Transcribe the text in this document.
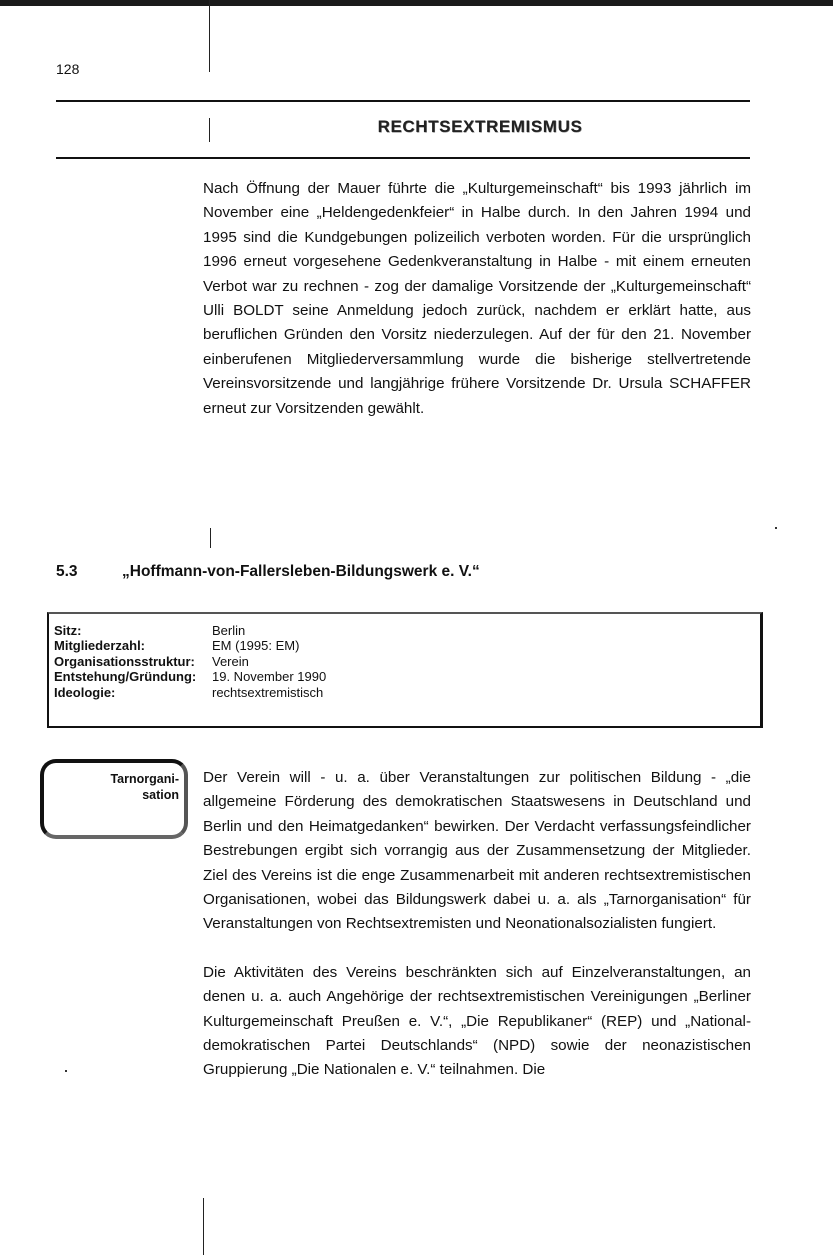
128
RECHTSEXTREMISMUS

Nach Öffnung der Mauer führte die „Kulturgemeinschaft“ bis 1993 jährlich im November eine „Heldengedenkfeier“ in Halbe durch. In den Jahren 1994 und 1995 sind die Kundgebungen polizeilich verboten worden. Für die ursprünglich 1996 erneut vorgesehene Gedenkveranstaltung in Halbe - mit einem erneuten Verbot war zu rechnen - zog der damalige Vorsitzende der „Kulturgemeinschaft“ Ulli BOLDT seine Anmeldung jedoch zurück, nachdem er erklärt hatte, aus beruflichen Gründen den Vorsitz niederzulegen. Auf der für den 21. November einberufenen Mitgliederversammlung wurde die bisherige stellvertretende Vereinsvorsitzende und langjährige frühere Vorsitzende Dr. Ursula SCHAFFER erneut zur Vorsitzenden gewählt.

5.3	„Hoffmann-von-Fallersleben-Bildungswerk e. V.“
Sitz:	Berlin
Mitgliederzahl:	EM (1995: EM)
Organisationsstruktur:	Verein
Entstehung/Gründung:	19. November 1990
Ideologie:	rechtsextremistisch
Tarnorgani-
sation

Der Verein will - u. a. über Veranstaltungen zur politischen Bildung - „die allgemeine Förderung des demokratischen Staatswesens in Deutschland und Berlin und den Heimatgedanken“ bewirken. Der Verdacht verfassungsfeindlicher Bestrebungen ergibt sich vorrangig aus der Zusammensetzung der Mitglieder. Ziel des Vereins ist die enge Zusammenarbeit mit anderen rechtsextremistischen Organisationen, wobei das Bildungswerk dabei u. a. als „Tarnorganisation“ für Veranstaltungen von Rechtsextremisten und Neonationalsozialisten fungiert.

Die Aktivitäten des Vereins beschränkten sich auf Einzelveranstaltungen, an denen u. a. auch Angehörige der rechtsextremistischen Vereinigungen „Berliner Kulturgemeinschaft Preußen e. V.“, „Die Republikaner“ (REP) und „Nationaldemokratischen Partei Deutschlands“ (NPD) sowie der neonazistischen Gruppierung „Die Nationalen e. V.“ teilnahmen. Die
